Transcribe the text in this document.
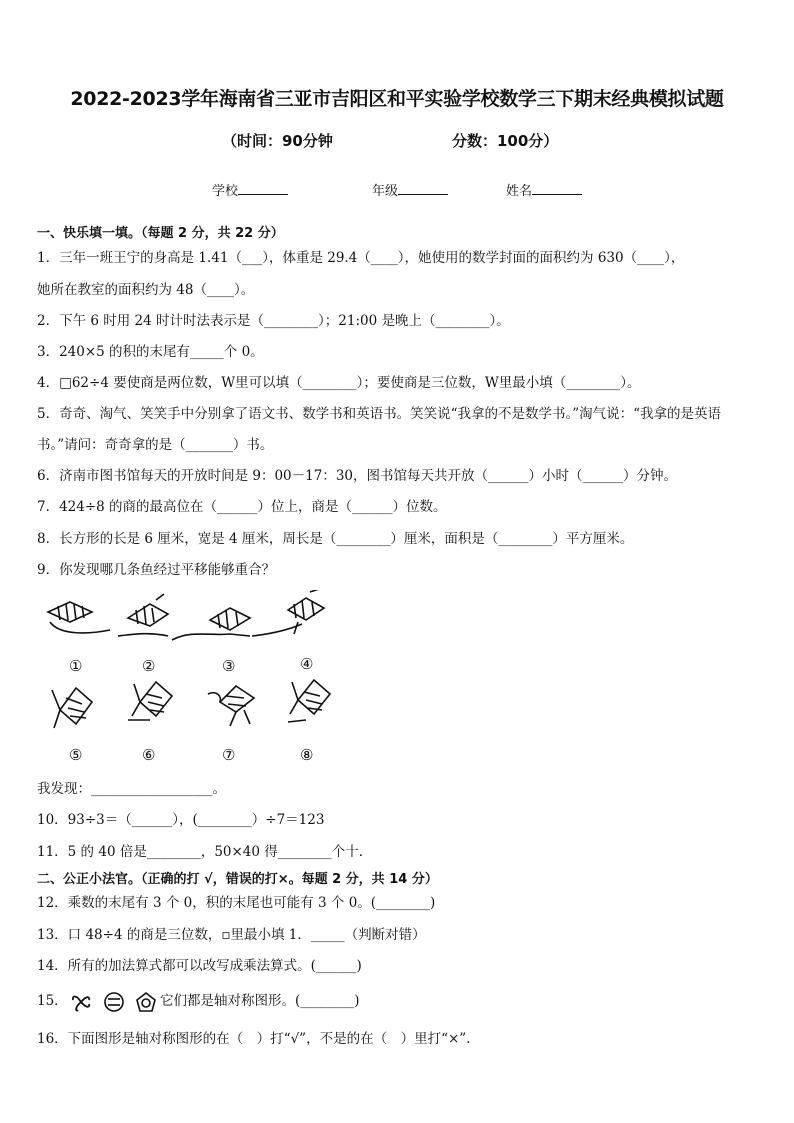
2022-2023学年海南省三亚市吉阳区和平实验学校数学三下期末经典模拟试题
（时间：90分钟	分数：100分）
学校	年级	姓名
一、快乐填一填。（每题 2 分，共 22 分）
1．三年一班王宁的身高是 1.41（___），体重是 29.4（____），她使用的数学封面的面积约为 630（____），
她所在教室的面积约为 48（____）。
2．下午 6 时用 24 时计时法表示是（________）；21:00 是晚上（________）。
3．240×5 的积的末尾有_____个 0。
4．□62÷4 要使商是两位数，W里可以填（________）；要使商是三位数，W里最小填（________）。
5．奇奇、淘气、笑笑手中分别拿了语文书、数学书和英语书。笑笑说“我拿的不是数学书。”淘气说：“我拿的是英语
书。”请问：奇奇拿的是（_______）书。
6．济南市图书馆每天的开放时间是 9：00－17：30，图书馆每天共开放（______）小时（______）分钟。
7．424÷8 的商的最高位在（______）位上，商是（______）位数。
8．长方形的长是 6 厘米，宽是 4 厘米，周长是（________）厘米，面积是（________）平方厘米。
9．你发现哪几条鱼经过平移能够重合？
①	②	③	④
⑤	⑥	⑦	⑧
我发现：__________________。
10．93÷3＝（______），(________）÷7＝123
11．5 的 40 倍是________，50×40 得________个十．
二、公正小法官。（正确的打 √，错误的打×。每题 2 分，共 14 分）
12．乘数的末尾有 3 个 0，积的末尾也可能有 3 个 0。(________)
13．口 48÷4 的商是三位数，▫里最小填 1．_____（判断对错）
14．所有的加法算式都可以改写成乘法算式。(______)
15．	它们都是轴对称图形。(________)
16．下面图形是轴对称图形的在（　）打“√”，不是的在（　）里打“×”.
